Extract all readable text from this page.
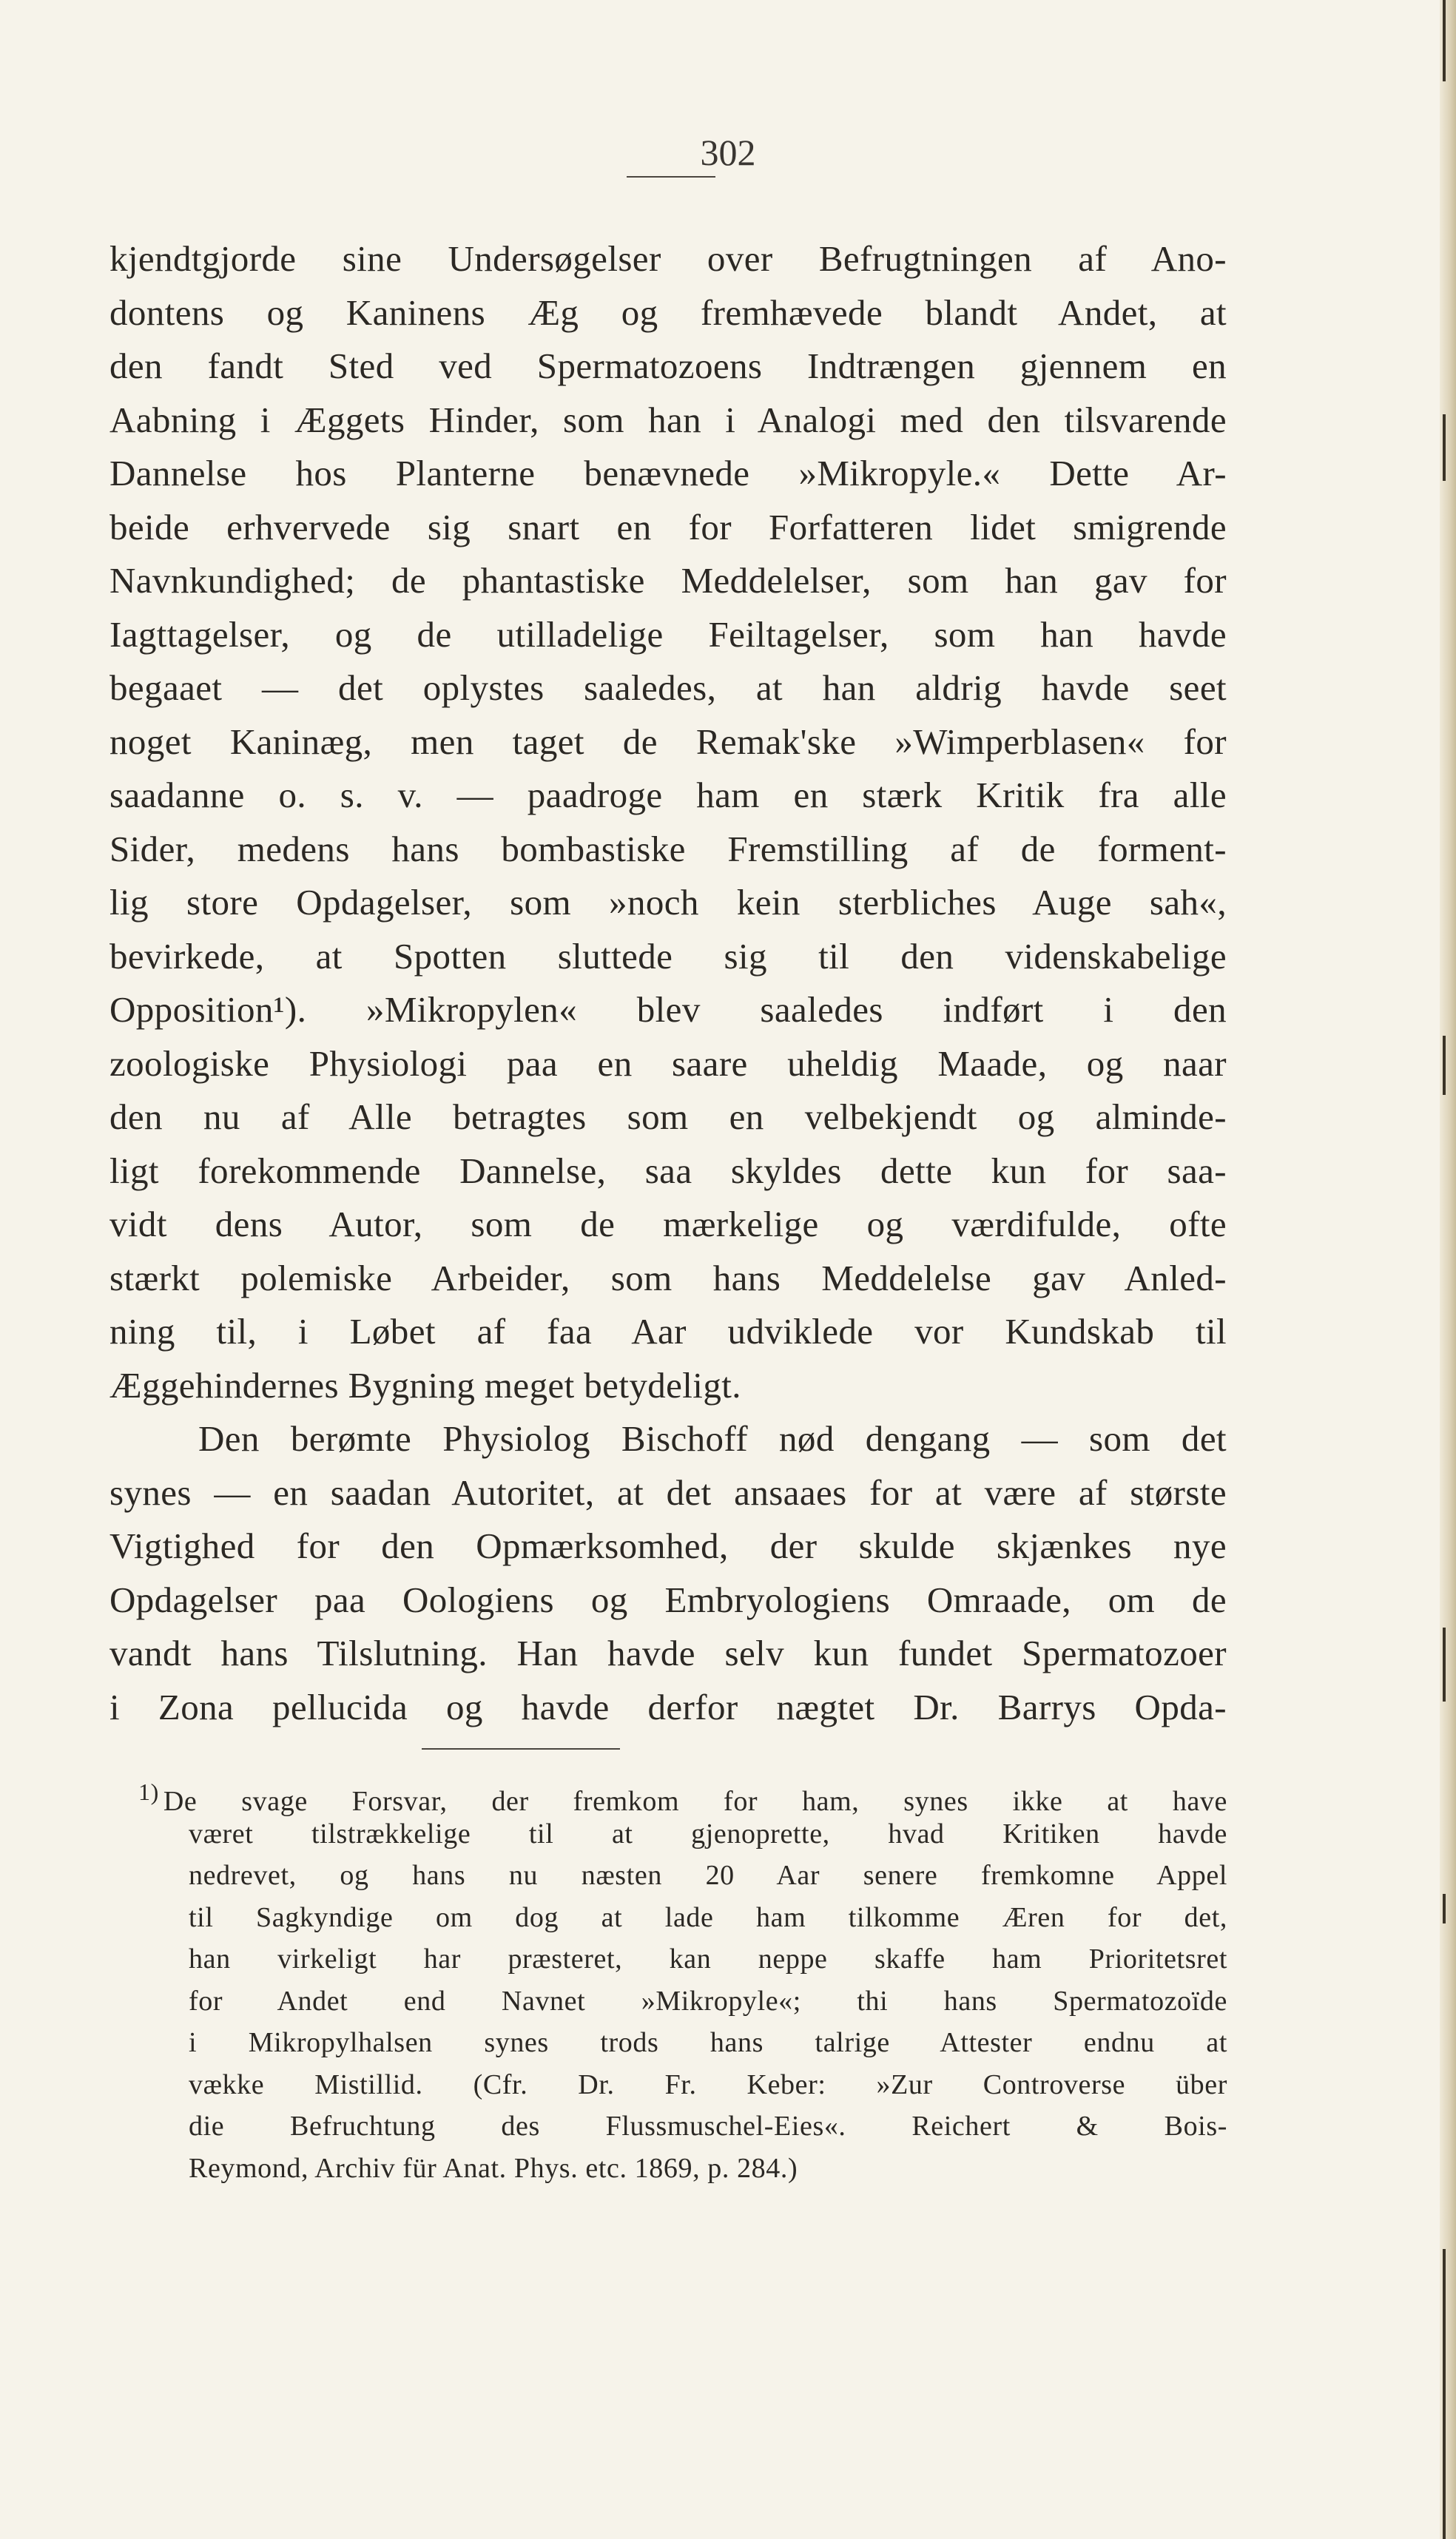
302
kjendtgjorde sine Undersøgelser over Befrugtningen af Ano-
dontens og Kaninens Æg og fremhævede blandt Andet, at
den fandt Sted ved Spermatozoens Indtrængen gjennem en
Aabning i Æggets Hinder, som han i Analogi med den tilsvarende
Dannelse hos Planterne benævnede »Mikropyle.« Dette Ar-
beide erhvervede sig snart en for Forfatteren lidet smigrende
Navnkundighed; de phantastiske Meddelelser, som han gav for
Iagttagelser, og de utilladelige Feiltagelser, som han havde
begaaet — det oplystes saaledes, at han aldrig havde seet
noget Kaninæg, men taget de Remak'ske »Wimperblasen« for
saadanne o. s. v. — paadroge ham en stærk Kritik fra alle
Sider, medens hans bombastiske Fremstilling af de forment-
lig store Opdagelser, som »noch kein sterbliches Auge sah«,
bevirkede, at Spotten sluttede sig til den videnskabelige
Opposition¹). »Mikropylen« blev saaledes indført i den
zoologiske Physiologi paa en saare uheldig Maade, og naar
den nu af Alle betragtes som en velbekjendt og alminde-
ligt forekommende Dannelse, saa skyldes dette kun for saa-
vidt dens Autor, som de mærkelige og værdifulde, ofte
stærkt polemiske Arbeider, som hans Meddelelse gav Anled-
ning til, i Løbet af faa Aar udviklede vor Kundskab til
Æggehindernes Bygning meget betydeligt.
Den berømte Physiolog Bischoff nød dengang — som det
synes — en saadan Autoritet, at det ansaaes for at være af største
Vigtighed for den Opmærksomhed, der skulde skjænkes nye
Opdagelser paa Oologiens og Embryologiens Omraade, om de
vandt hans Tilslutning. Han havde selv kun fundet Spermatozoer
i Zona pellucida og havde derfor nægtet Dr. Barrys Opda-
$^{1)}$ De svage Forsvar, der fremkom for ham, synes ikke at have
været tilstrækkelige til at gjenoprette, hvad Kritiken havde
nedrevet, og hans nu næsten 20 Aar senere fremkomne Appel
til Sagkyndige om dog at lade ham tilkomme Æren for det,
han virkeligt har præsteret, kan neppe skaffe ham Prioritetsret
for Andet end Navnet »Mikropyle«; thi hans Spermatozoïde
i Mikropylhalsen synes trods hans talrige Attester endnu at
vække Mistillid. (Cfr. Dr. Fr. Keber: »Zur Controverse über
die Befruchtung des Flussmuschel-Eies«. Reichert & Bois-
Reymond, Archiv für Anat. Phys. etc. 1869, p. 284.)
